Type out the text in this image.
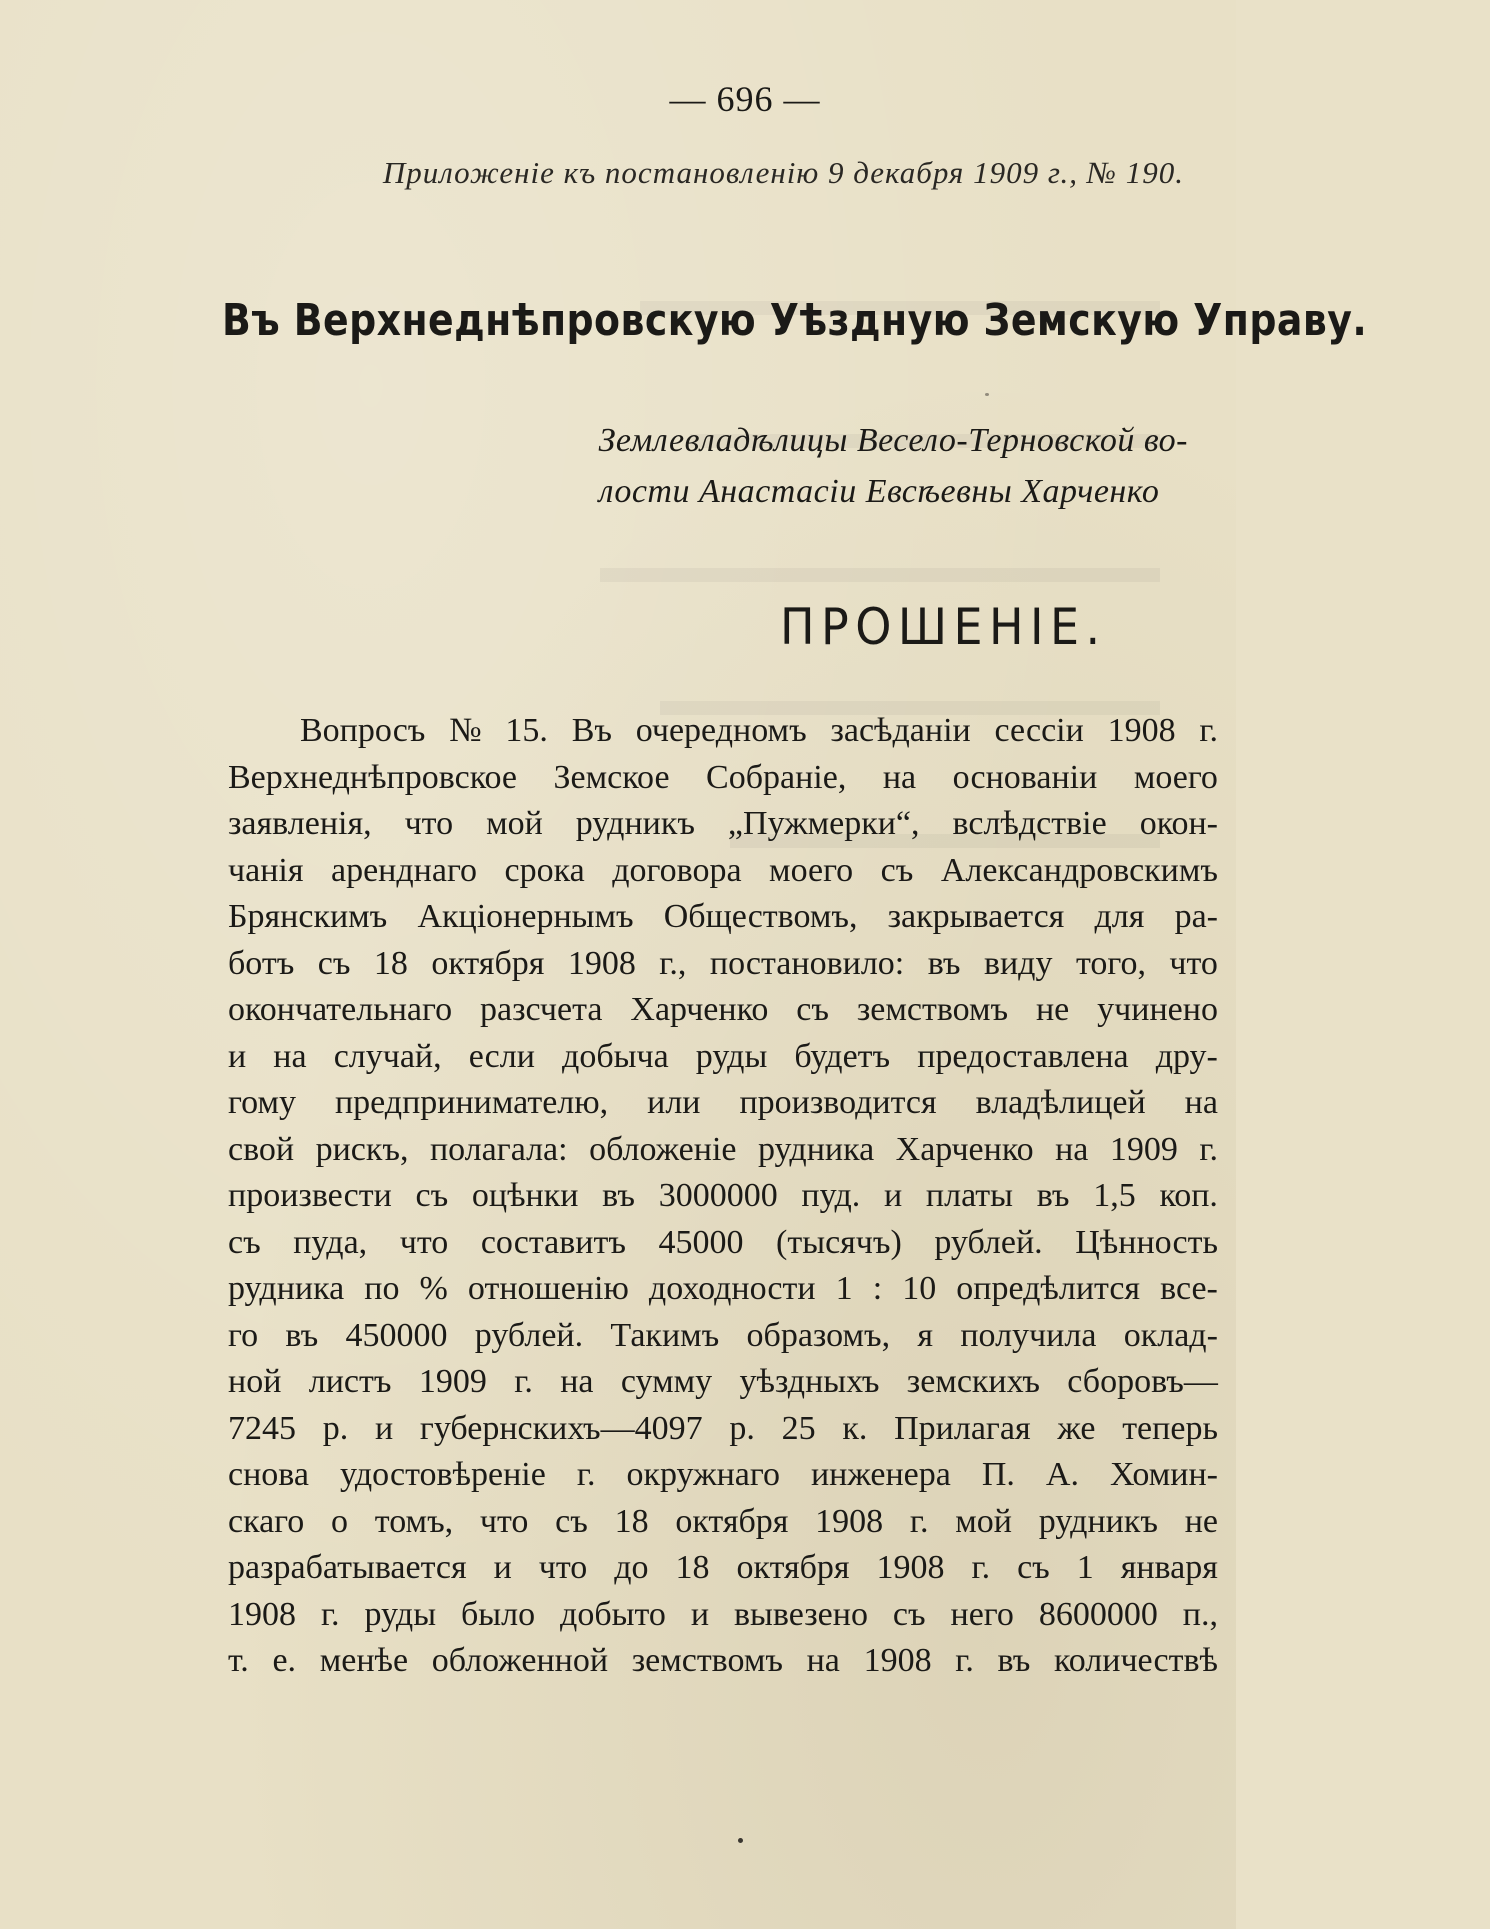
— 696 —
Приложеніе къ постановленію 9 декабря 1909 г., № 190.
Въ Верхнеднѣпровскую Уѣздную Земскую Управу.
Землевладѣлицы Весело-Терновской во-
лости Анастасіи Евсѣевны Харченко
ПРОШЕНІЕ.
Вопросъ № 15. Въ очередномъ засѣданіи сессіи 1908 г.
Верхнеднѣпровское Земское Собраніе, на основаніи моего
заявленія, что мой рудникъ „Пужмерки“, вслѣдствіе окон-
чанія аренднаго срока договора моего съ Александровскимъ
Брянскимъ Акціонернымъ Обществомъ, закрывается для ра-
ботъ съ 18 октября 1908 г., постановило: въ виду того, что
окончательнаго разсчета Харченко съ земствомъ не учинено
и на случай, если добыча руды будетъ предоставлена дру-
гому предпринимателю, или производится владѣлицей на
свой рискъ, полагала: обложеніе рудника Харченко на 1909 г.
произвести съ оцѣнки въ 3000000 пуд. и платы въ 1,5 коп.
съ пуда, что составитъ 45000 (тысячъ) рублей. Цѣнность
рудника по % отношенію доходности 1 : 10 опредѣлится все-
го въ 450000 рублей. Такимъ образомъ, я получила оклад-
ной листъ 1909 г. на сумму уѣздныхъ земскихъ сборовъ—
7245 р. и губернскихъ—4097 р. 25 к. Прилагая же теперь
снова удостовѣреніе г. окружнаго инженера П. А. Хомин-
скаго о томъ, что съ 18 октября 1908 г. мой рудникъ не
разрабатывается и что до 18 октября 1908 г. съ 1 января
1908 г. руды было добыто и вывезено съ него 8600000 п.,
т. е. менѣе обложенной земствомъ на 1908 г. въ количествѣ
